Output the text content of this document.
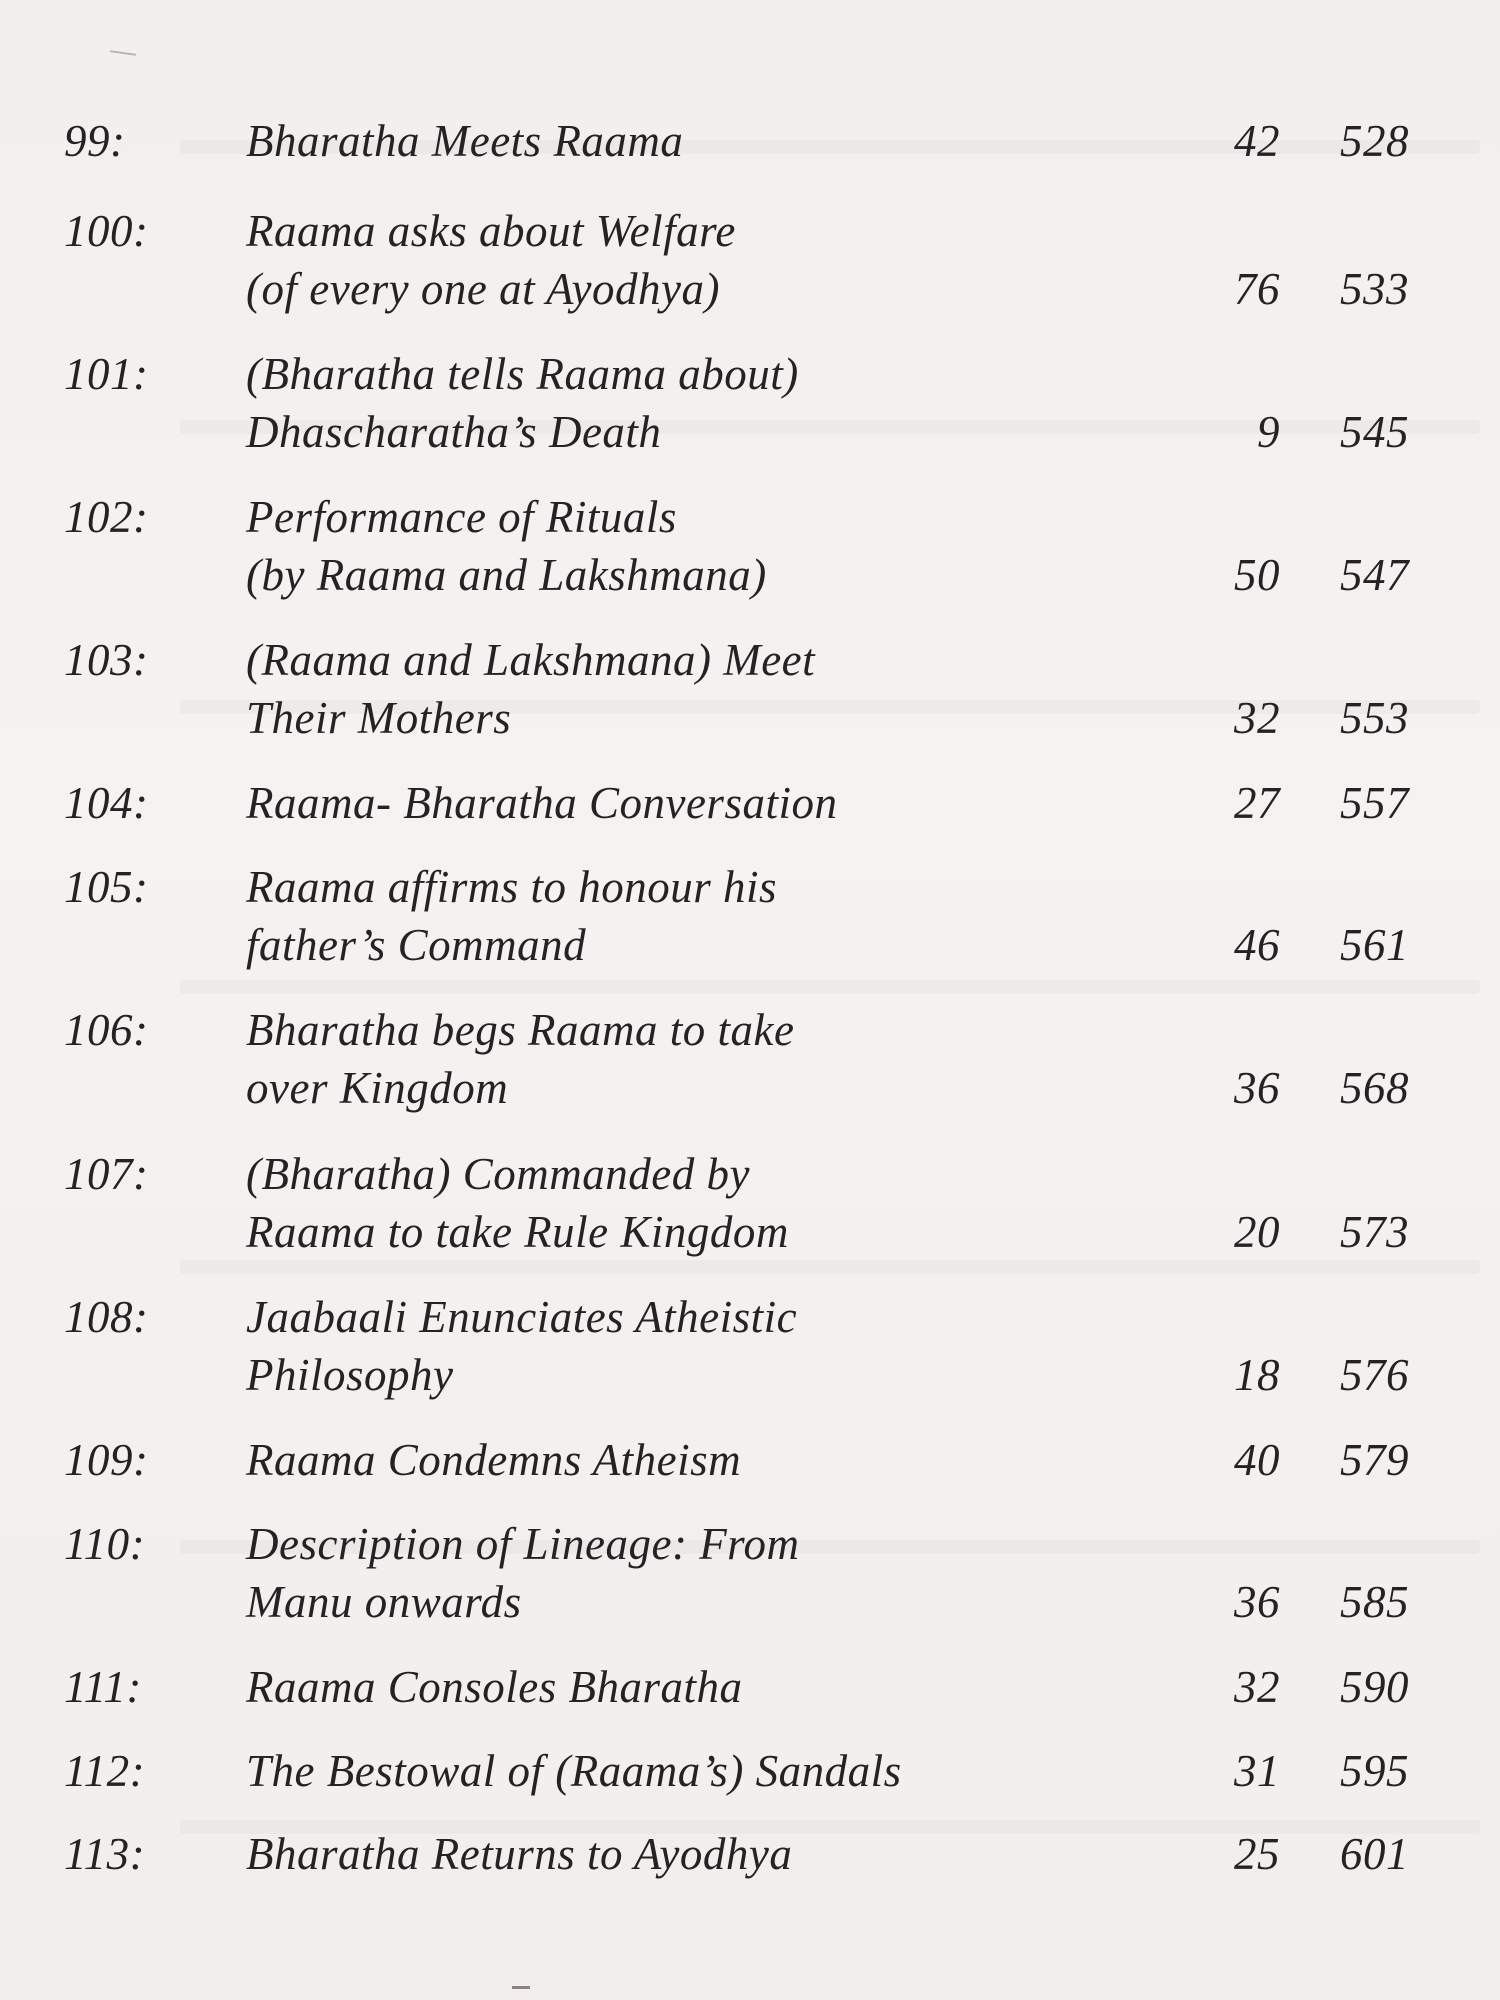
99:	Bharatha Meets Raama	42 528
100:	Raama asks about Welfare
(of every one at Ayodhya)	76 533
101:	(Bharatha tells Raama about)
Dhascharatha’s Death	9 545
102:	Performance of Rituals
(by Raama and Lakshmana)	50 547
103:	(Raama and Lakshmana) Meet
Their Mothers	32 553
104:	Raama- Bharatha Conversation	27 557
105:	Raama affirms to honour his
father’s Command	46 561
106:	Bharatha begs Raama to take
over Kingdom	36 568
107:	(Bharatha) Commanded by
Raama to take Rule Kingdom	20 573
108:	Jaabaali Enunciates Atheistic
Philosophy	18 576
109:	Raama Condemns Atheism	40 579
110:	Description of Lineage: From
Manu onwards	36 585
111:	Raama Consoles Bharatha	32 590
112:	The Bestowal of (Raama’s) Sandals	31 595
113:	Bharatha Returns to Ayodhya	25 601
